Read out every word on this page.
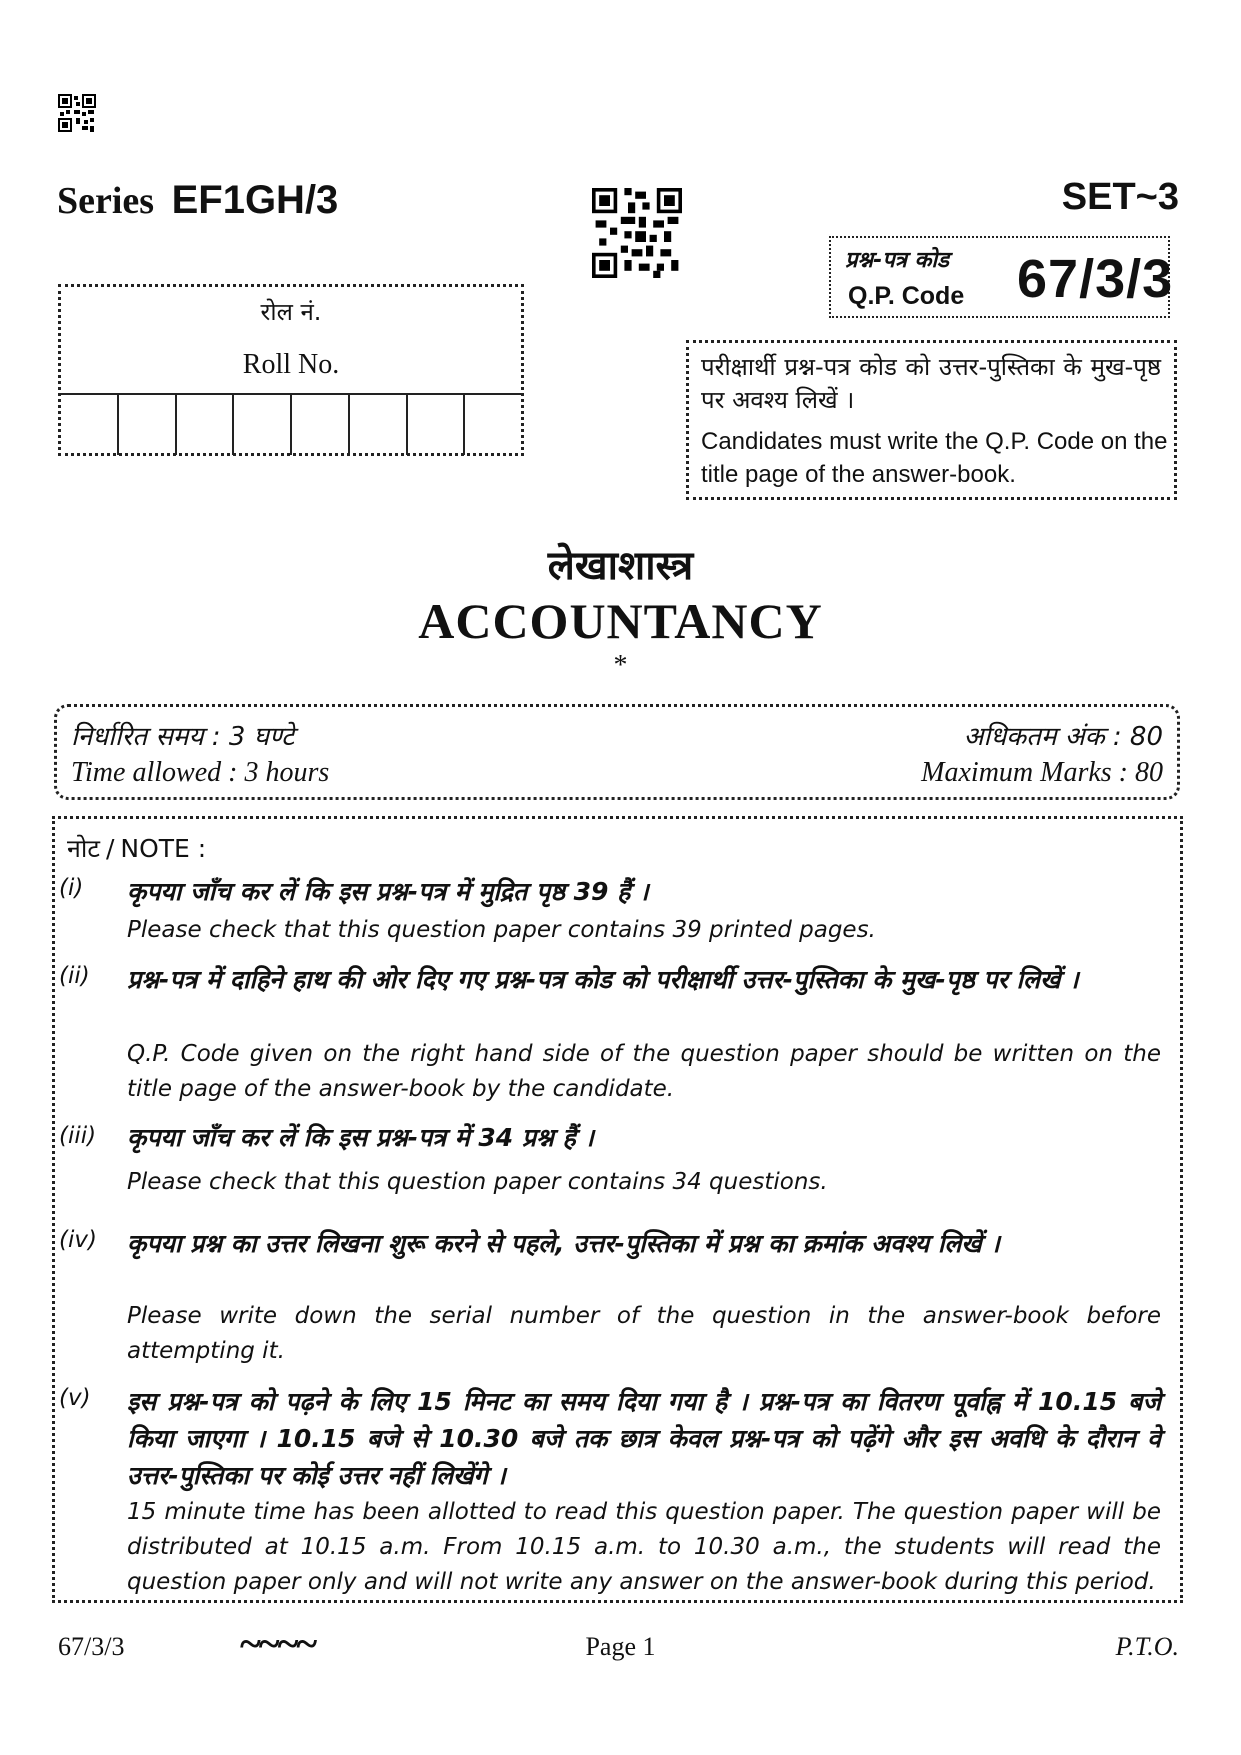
Series EF1GH/3	SET~3
प्रश्न-पत्र कोड
Q.P. Code 67/3/3
रोल नं.
Roll No.	परीक्षार्थी प्रश्न-पत्र कोड को उत्तर-पुस्तिका के मुख-पृष्ठ पर अवश्य लिखें ।
Candidates must write the Q.P. Code on the title page of the answer-book.
लेखाशास्त्र
ACCOUNTANCY
*
निर्धारित समय : 3 घण्टे
Time allowed : 3 hours
अधिकतम अंक : 80
Maximum Marks : 80
नोट / NOTE :
(i) कृपया जाँच कर लें कि इस प्रश्न-पत्र में मुद्रित पृष्ठ 39 हैं ।
Please check that this question paper contains 39 printed pages.
(ii) प्रश्न-पत्र में दाहिने हाथ की ओर दिए गए प्रश्न-पत्र कोड को परीक्षार्थी उत्तर-पुस्तिका के मुख-पृष्ठ पर लिखें ।
Q.P. Code given on the right hand side of the question paper should be written on the title page of the answer-book by the candidate.
(iii) कृपया जाँच कर लें कि इस प्रश्न-पत्र में 34 प्रश्न हैं ।
Please check that this question paper contains 34 questions.
(iv) कृपया प्रश्न का उत्तर लिखना शुरू करने से पहले, उत्तर-पुस्तिका में प्रश्न का क्रमांक अवश्य लिखें ।
Please write down the serial number of the question in the answer-book before attempting it.
(v) इस प्रश्न-पत्र को पढ़ने के लिए 15 मिनट का समय दिया गया है । प्रश्न-पत्र का वितरण पूर्वाह्न में 10.15 बजे किया जाएगा । 10.15 बजे से 10.30 बजे तक छात्र केवल प्रश्न-पत्र को पढ़ेंगे और इस अवधि के दौरान वे उत्तर-पुस्तिका पर कोई उत्तर नहीं लिखेंगे ।
15 minute time has been allotted to read this question paper. The question paper will be distributed at 10.15 a.m. From 10.15 a.m. to 10.30 a.m., the students will read the question paper only and will not write any answer on the answer-book during this period.
67/3/3	~~~~	Page 1	P.T.O.
